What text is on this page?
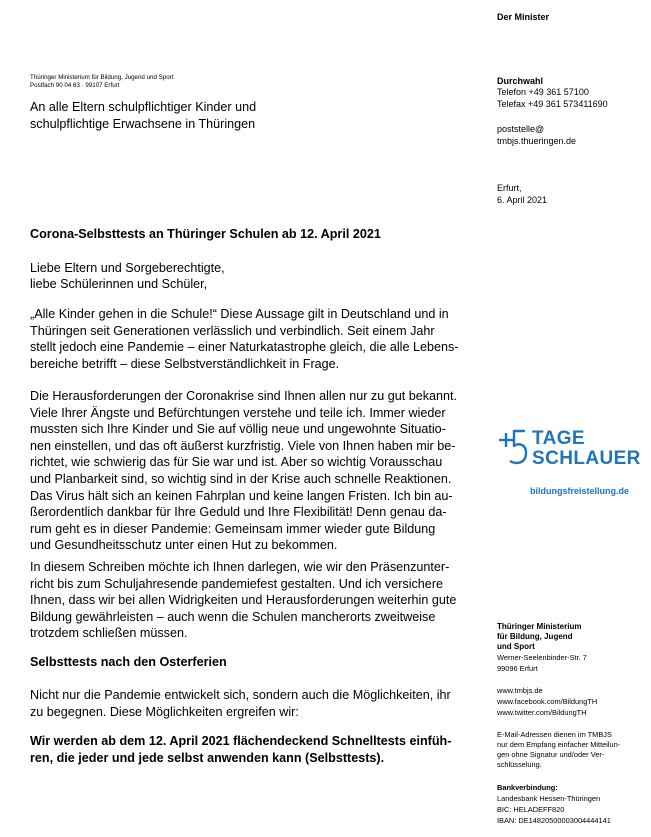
Der Minister
Durchwahl
Telefon +49 361 57100
Telefax +49 361 573411690
poststelle@
tmbjs.thueringen.de
Erfurt,
6. April 2021
TAGE
SCHLAUER
bildungsfreistellung.de
Thüringer Ministerium
für Bildung, Jugend
und Sport
Werner-Seelenbinder-Str. 7
99096 Erfurt
www.tmbjs.de
www.facebook.com/BildungTH
www.twitter.com/BildungTH
E-Mail-Adressen dienen im TMBJS
nur dem Empfang einfacher Mitteilun-
gen ohne Signatur und/oder Ver-
schlüsselung.
Bankverbindung:
Landesbank Hessen-Thüringen
BIC: HELADEFF820
IBAN: DE14820500003004444141
Thüringer Ministerium für Bildung, Jugend und Sport
Postfach 90 04 63 · 99107 Erfurt
An alle Eltern schulpflichtiger Kinder und
schulpflichtige Erwachsene in Thüringen
Corona-Selbsttests an Thüringer Schulen ab 12. April 2021
Liebe Eltern und Sorgeberechtigte,
liebe Schülerinnen und Schüler,
„Alle Kinder gehen in die Schule!“ Diese Aussage gilt in Deutschland und in
Thüringen seit Generationen verlässlich und verbindlich. Seit einem Jahr
stellt jedoch eine Pandemie – einer Naturkatastrophe gleich, die alle Lebens-
bereiche betrifft – diese Selbstverständlichkeit in Frage.
Die Herausforderungen der Coronakrise sind Ihnen allen nur zu gut bekannt.
Viele Ihrer Ängste und Befürchtungen verstehe und teile ich. Immer wieder
mussten sich Ihre Kinder und Sie auf völlig neue und ungewohnte Situatio-
nen einstellen, und das oft äußerst kurzfristig. Viele von Ihnen haben mir be-
richtet, wie schwierig das für Sie war und ist. Aber so wichtig Vorausschau
und Planbarkeit sind, so wichtig sind in der Krise auch schnelle Reaktionen.
Das Virus hält sich an keinen Fahrplan und keine langen Fristen. Ich bin au-
ßerordentlich dankbar für Ihre Geduld und Ihre Flexibilität! Denn genau da-
rum geht es in dieser Pandemie: Gemeinsam immer wieder gute Bildung
und Gesundheitsschutz unter einen Hut zu bekommen.
In diesem Schreiben möchte ich Ihnen darlegen, wie wir den Präsenzunter-
richt bis zum Schuljahresende pandemiefest gestalten. Und ich versichere
Ihnen, dass wir bei allen Widrigkeiten und Herausforderungen weiterhin gute
Bildung gewährleisten – auch wenn die Schulen mancherorts zweitweise
trotzdem schließen müssen.
Selbsttests nach den Osterferien
Nicht nur die Pandemie entwickelt sich, sondern auch die Möglichkeiten, ihr
zu begegnen. Diese Möglichkeiten ergreifen wir:
Wir werden ab dem 12. April 2021 flächendeckend Schnelltests einfüh-
ren, die jeder und jede selbst anwenden kann (Selbsttests).
